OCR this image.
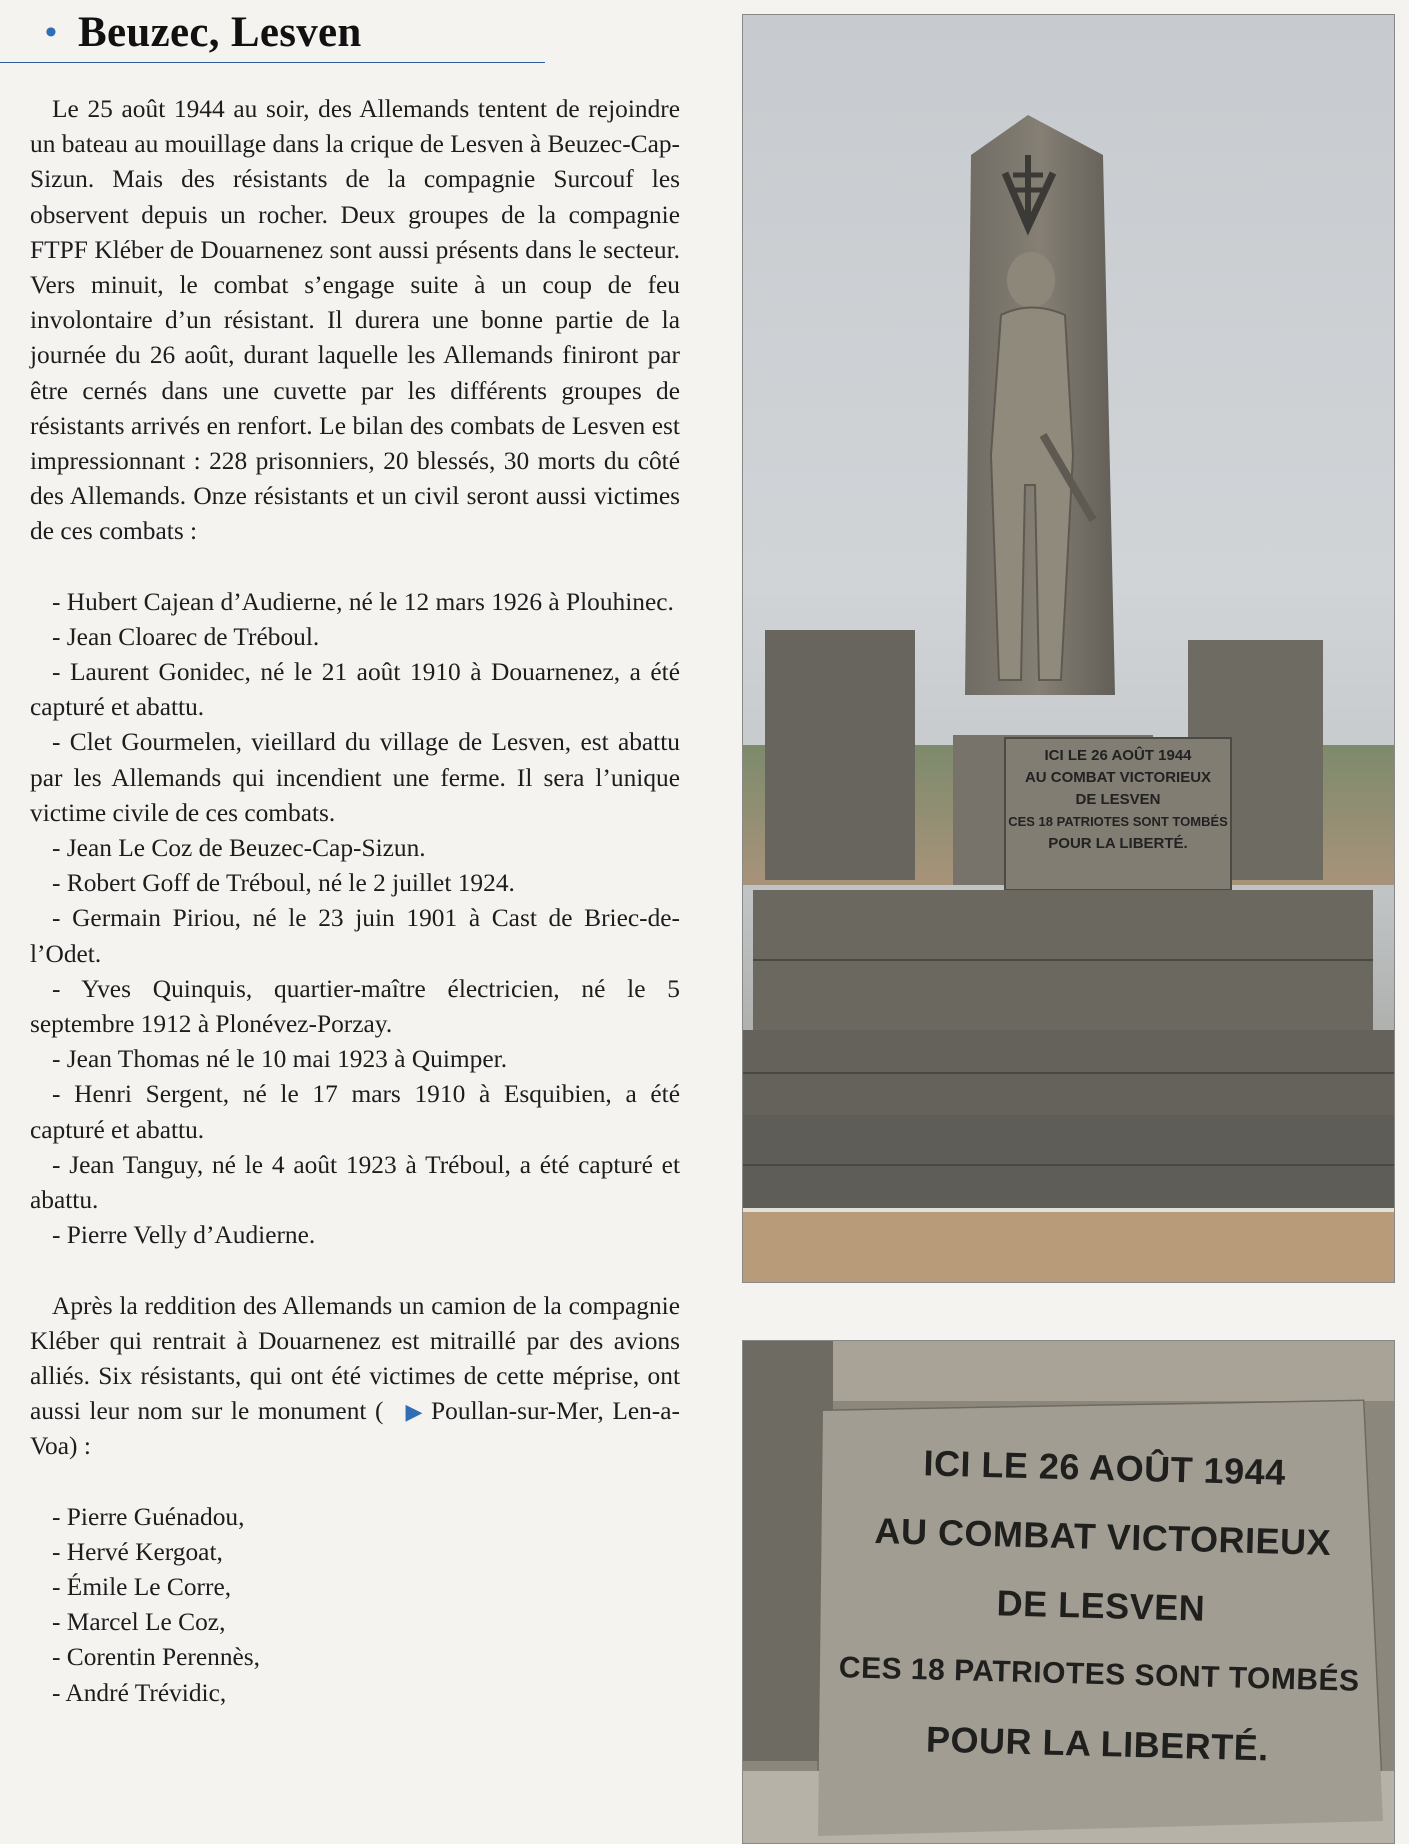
• Beuzec, Lesven

Le 25 août 1944 au soir, des Allemands tentent de rejoindre un bateau au mouillage dans la crique de Lesven à Beuzec-Cap-Sizun. Mais des résistants de la compagnie Surcouf les observent depuis un rocher. Deux groupes de la compagnie FTPF Kléber de Douarnenez sont aussi présents dans le secteur. Vers minuit, le combat s’engage suite à un coup de feu involontaire d’un résistant. Il durera une bonne partie de la journée du 26 août, durant laquelle les Allemands finiront par être cernés dans une cuvette par les différents groupes de résistants arrivés en renfort. Le bilan des combats de Lesven est impressionnant : 228 prisonniers, 20 blessés, 30 morts du côté des Allemands. Onze résistants et un civil seront aussi victimes de ces combats :

- Hubert Cajean d’Audierne, né le 12 mars 1926 à Plouhinec.

- Jean Cloarec de Tréboul.

- Laurent Gonidec, né le 21 août 1910 à Douarnenez, a été capturé et abattu.

- Clet Gourmelen, vieillard du village de Lesven, est abattu par les Allemands qui incendient une ferme. Il sera l’unique victime civile de ces combats.

- Jean Le Coz de Beuzec-Cap-Sizun.

- Robert Goff de Tréboul, né le 2 juillet 1924.

- Germain Piriou, né le 23 juin 1901 à Cast de Briec-de-l’Odet.

- Yves Quinquis, quartier-maître électricien, né le 5 septembre 1912 à Plonévez-Porzay.

- Jean Thomas né le 10 mai 1923 à Quimper.

- Henri Sergent, né le 17 mars 1910 à Esquibien, a été capturé et abattu.

- Jean Tanguy, né le 4 août 1923 à Tréboul, a été capturé et abattu.

- Pierre Velly d’Audierne.

Après la reddition des Allemands un camion de la compagnie Kléber qui rentrait à Douarnenez est mitraillé par des avions alliés. Six résistants, qui ont été victimes de cette méprise, ont aussi leur nom sur le monument ( ▶ Poullan-sur-Mer, Len-a-Voa) :

- Pierre Guénadou,

- Hervé Kergoat,

- Émile Le Corre,

- Marcel Le Coz,

- Corentin Perennès,

- André Trévidic,

ICI LE 26 AOÛT 1944
AU COMBAT VICTORIEUX
DE LESVEN
CES 18 PATRIOTES SONT TOMBÉS
POUR LA LIBERTÉ.
ICI LE 26 AOÛT 1944
AU COMBAT VICTORIEUX
DE LESVEN
CES 18 PATRIOTES SONT TOMBÉS
POUR LA LIBERTÉ.
